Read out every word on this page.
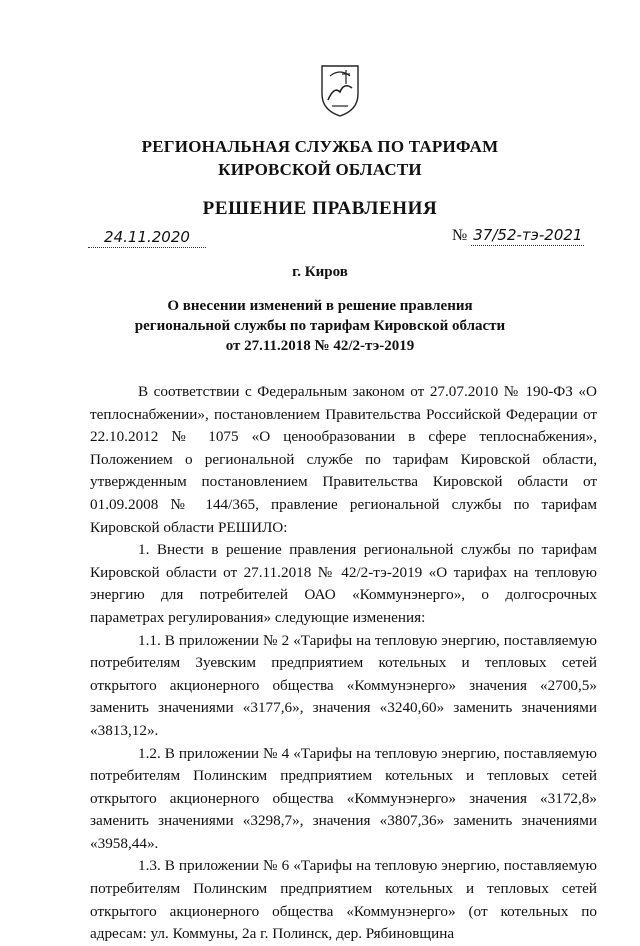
РЕГИОНАЛЬНАЯ СЛУЖБА ПО ТАРИФАМ
КИРОВСКОЙ ОБЛАСТИ
РЕШЕНИЕ ПРАВЛЕНИЯ
24.11.2020	№ 37/52-тэ-2021
г. Киров
О внесении изменений в решение правления
региональной службы по тарифам Кировской области
от 27.11.2018 № 42/2-тэ-2019

В соответствии с Федеральным законом от 27.07.2010 № 190-ФЗ «О теплоснабжении», постановлением Правительства Российской Федерации от 22.10.2012 № 1075 «О ценообразовании в сфере теплоснабжения», Положением о региональной службе по тарифам Кировской области, утвержденным постановлением Правительства Кировской области от 01.09.2008 № 144/365, правление региональной службы по тарифам Кировской области РЕШИЛО:

1. Внести в решение правления региональной службы по тарифам Кировской области от 27.11.2018 № 42/2-тэ-2019 «О тарифах на тепловую энергию для потребителей ОАО «Коммунэнерго», о долгосрочных параметрах регулирования» следующие изменения:

1.1. В приложении № 2 «Тарифы на тепловую энергию, поставляемую потребителям Зуевским предприятием котельных и тепловых сетей открытого акционерного общества «Коммунэнерго» значения «2700,5» заменить значениями «3177,6», значения «3240,60» заменить значениями «3813,12».

1.2. В приложении № 4 «Тарифы на тепловую энергию, поставляемую потребителям Полинским предприятием котельных и тепловых сетей открытого акционерного общества «Коммунэнерго» значения «3172,8» заменить значениями «3298,7», значения «3807,36» заменить значениями «3958,44».

1.3. В приложении № 6 «Тарифы на тепловую энергию, поставляемую потребителям Полинским предприятием котельных и тепловых сетей открытого акционерного общества «Коммунэнерго» (от котельных по адресам: ул. Коммуны, 2а г. Полинск, дер. Рябиновщина
